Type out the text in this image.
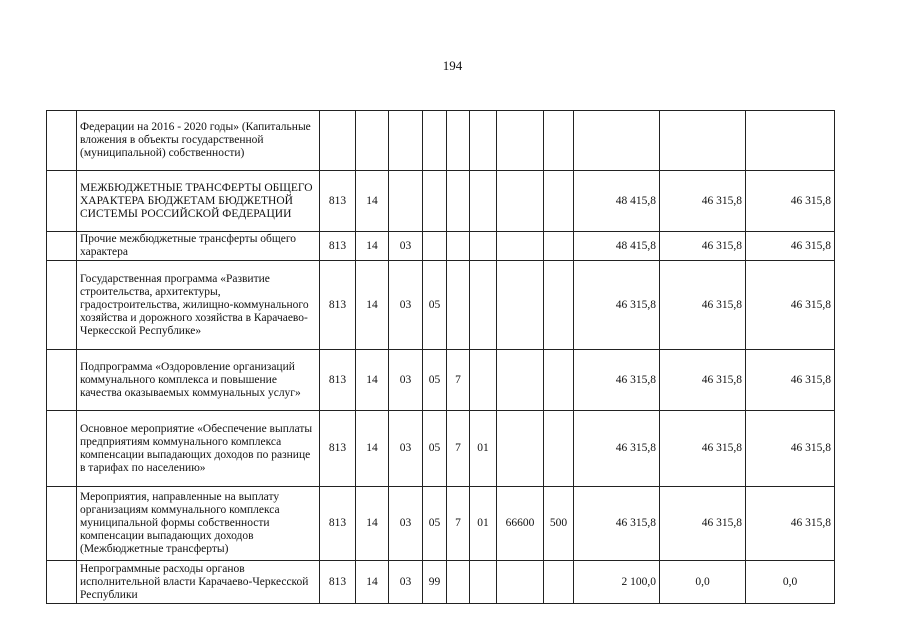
194
	Федерации на 2016 - 2020 годы» (Капитальные вложения в объекты государственной (муниципальной) собственности)											
	МЕЖБЮДЖЕТНЫЕ ТРАНСФЕРТЫ ОБЩЕГО ХАРАКТЕРА БЮДЖЕТАМ БЮДЖЕТНОЙ СИСТЕМЫ РОССИЙСКОЙ ФЕДЕРАЦИИ	813	14							48 415,8	46 315,8	46 315,8
	Прочие межбюджетные трансферты общего характера	813	14	03						48 415,8	46 315,8	46 315,8
	Государственная программа «Развитие строительства, архитектуры, градостроительства, жилищно-коммунального хозяйства и дорожного хозяйства в Карачаево-Черкесской Республике»	813	14	03	05					46 315,8	46 315,8	46 315,8
	Подпрограмма «Оздоровление организаций коммунального комплекса и повышение качества оказываемых коммунальных услуг»	813	14	03	05	7				46 315,8	46 315,8	46 315,8
	Основное мероприятие «Обеспечение выплаты предприятиям коммунального комплекса компенсации выпадающих доходов по разнице в тарифах по населению»	813	14	03	05	7	01			46 315,8	46 315,8	46 315,8
	Мероприятия, направленные на выплату организациям коммунального комплекса муниципальной формы собственности компенсации выпадающих доходов (Межбюджетные трансферты)	813	14	03	05	7	01	66600	500	46 315,8	46 315,8	46 315,8
	Непрограммные расходы органов исполнительной власти Карачаево-Черкесской Республики	813	14	03	99					2 100,0	0,0	0,0
